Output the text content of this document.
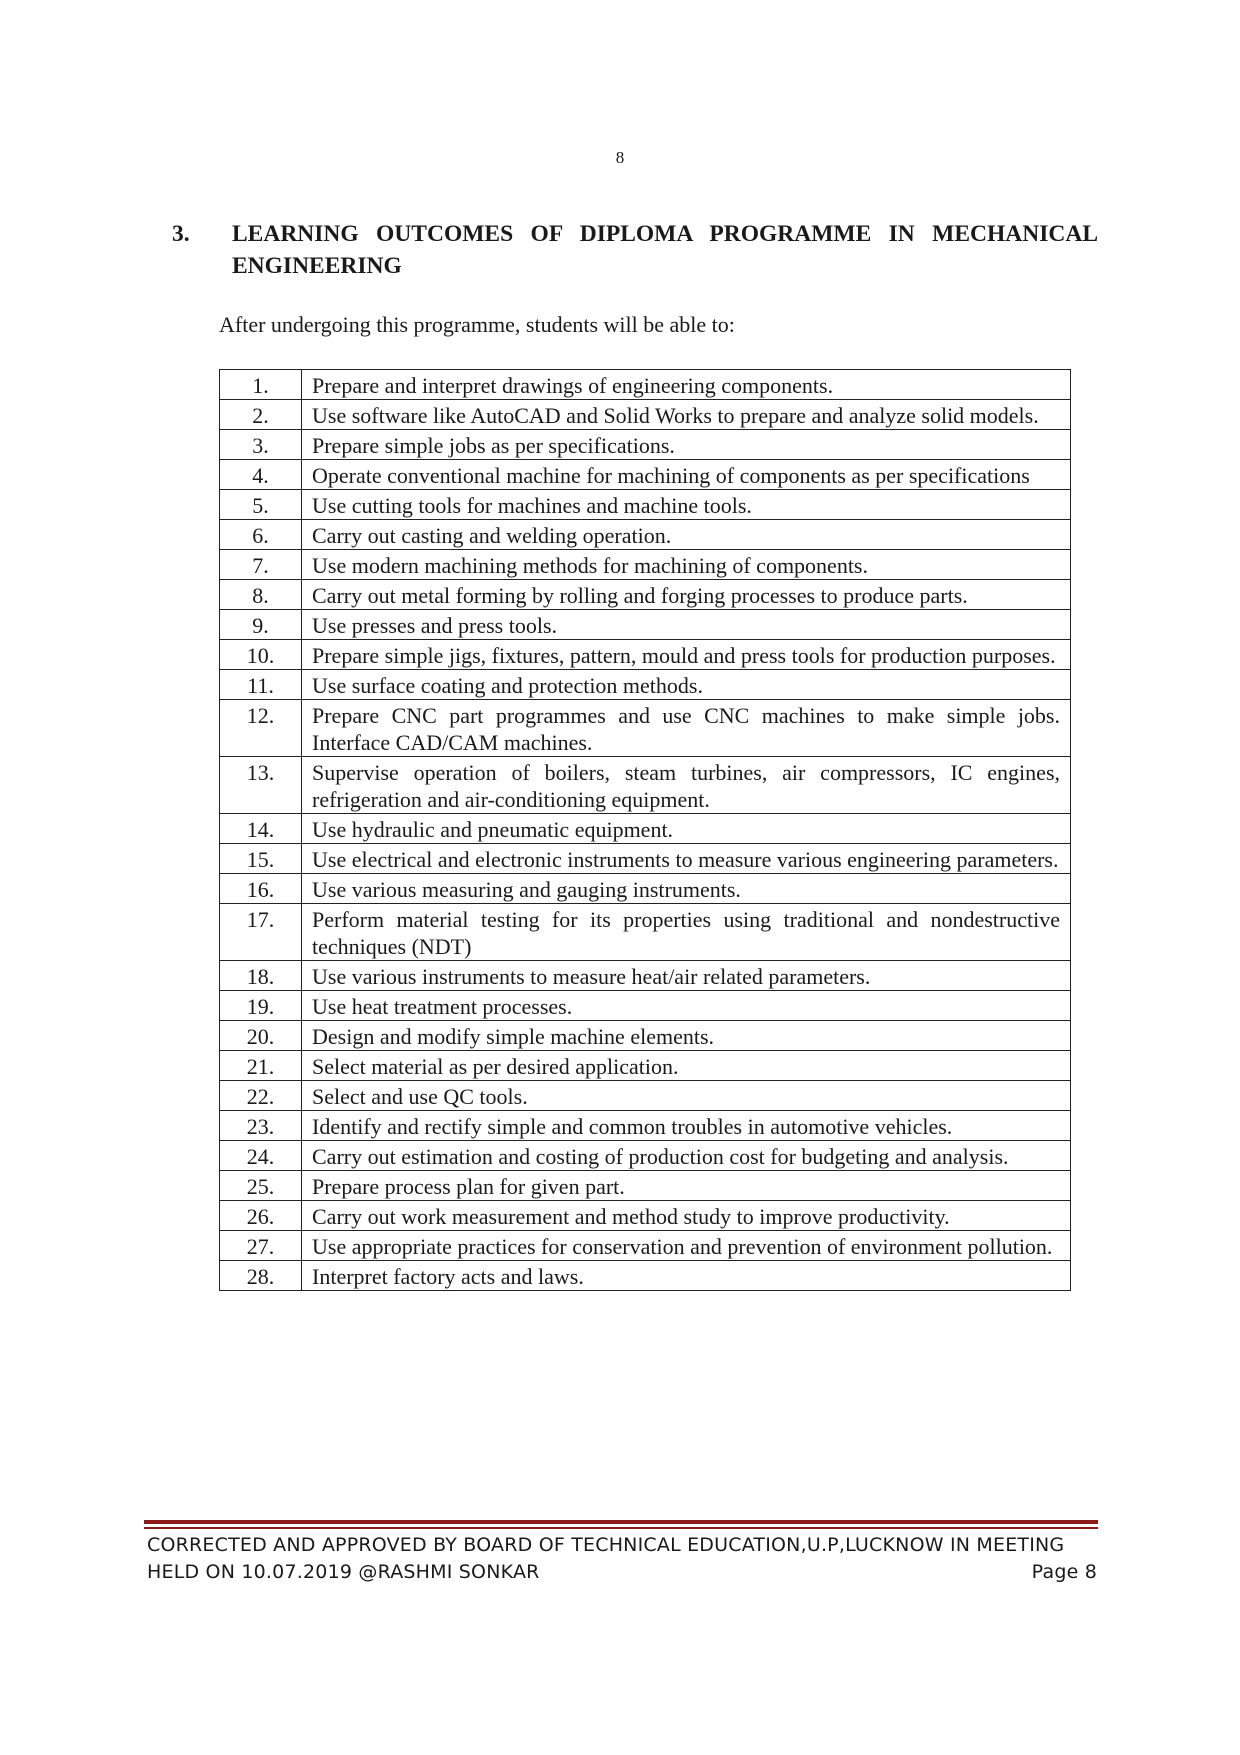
8
3. LEARNING OUTCOMES OF DIPLOMA PROGRAMME IN MECHANICAL ENGINEERING
After undergoing this programme, students will be able to:
1.	Prepare and interpret drawings of engineering components.
2.	Use software like AutoCAD and Solid Works to prepare and analyze solid models.
3.	Prepare simple jobs as per specifications.
4.	Operate conventional machine for machining of components as per specifications
5.	Use cutting tools for machines and machine tools.
6.	Carry out casting and welding operation.
7.	Use modern machining methods for machining of components.
8.	Carry out metal forming by rolling and forging processes to produce parts.
9.	Use presses and press tools.
10.	Prepare simple jigs, fixtures, pattern, mould and press tools for production purposes.
11.	Use surface coating and protection methods.
12.	Prepare CNC part programmes and use CNC machines to make simple jobs. Interface CAD/CAM machines.
13.	Supervise operation of boilers, steam turbines, air compressors, IC engines, refrigeration and air-conditioning equipment.
14.	Use hydraulic and pneumatic equipment.
15.	Use electrical and electronic instruments to measure various engineering parameters.
16.	Use various measuring and gauging instruments.
17.	Perform material testing for its properties using traditional and nondestructive techniques (NDT)
18.	Use various instruments to measure heat/air related parameters.
19.	Use heat treatment processes.
20.	Design and modify simple machine elements.
21.	Select material as per desired application.
22.	Select and use QC tools.
23.	Identify and rectify simple and common troubles in automotive vehicles.
24.	Carry out estimation and costing of production cost for budgeting and analysis.
25.	Prepare process plan for given part.
26.	Carry out work measurement and method study to improve productivity.
27.	Use appropriate practices for conservation and prevention of environment pollution.
28.	Interpret factory acts and laws.
CORRECTED AND APPROVED BY BOARD OF TECHNICAL EDUCATION,U.P,LUCKNOW IN MEETING
HELD ON 10.07.2019 @RASHMI SONKAR	Page 8
